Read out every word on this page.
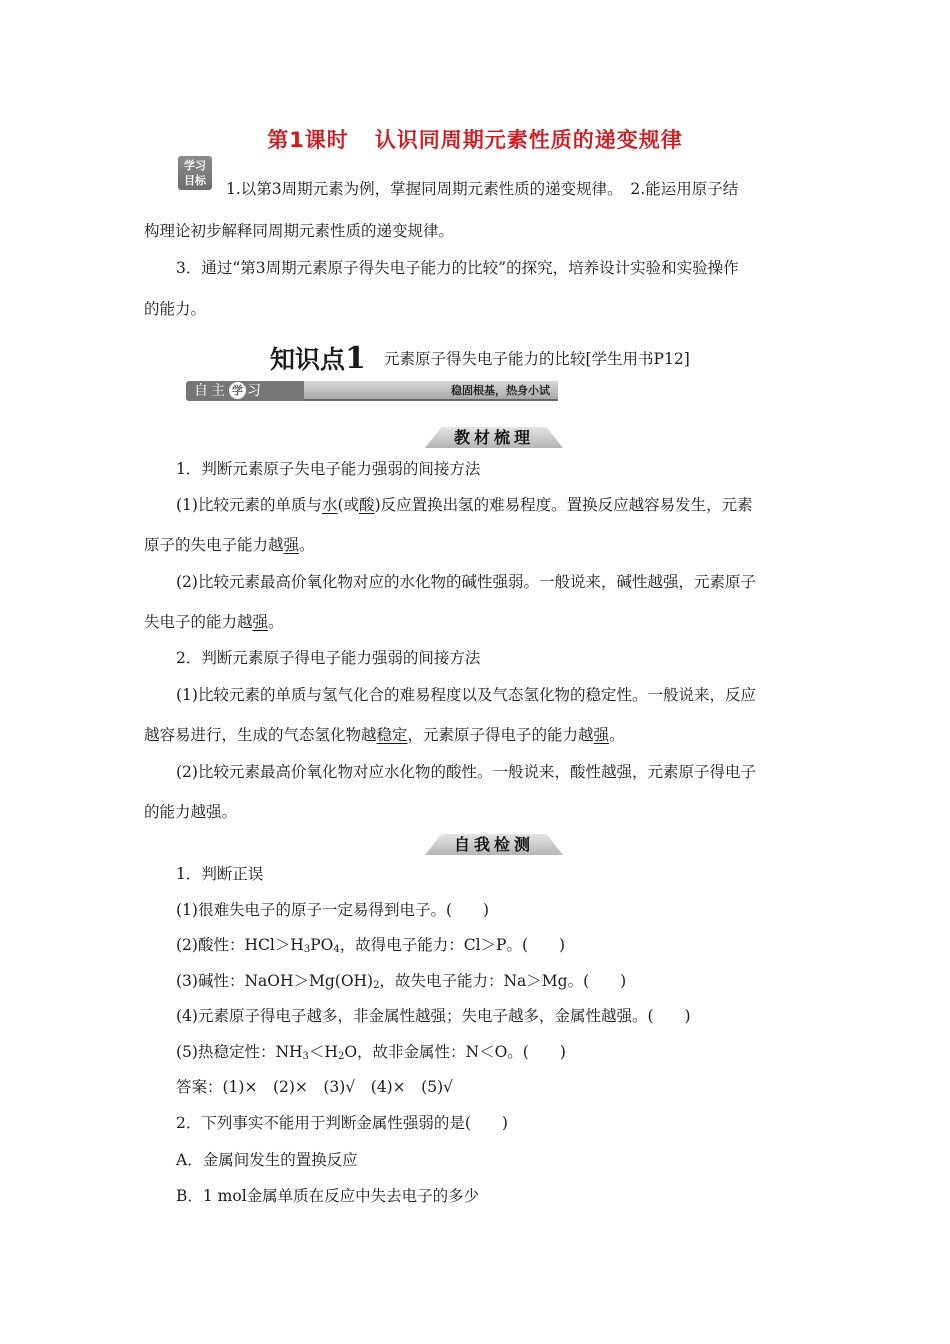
第1课时 认识同周期元素性质的递变规律
学习
目标	1.以第3周期元素为例，掌握同周期元素性质的递变规律。　2.能运用原子结
构理论初步解释同周期元素性质的递变规律。
3．通过“第3周期元素原子得失电子能力的比较”的探究，培养设计实验和实验操作
的能力。
知识点1 元素原子得失电子能力的比较[学生用书P12]
自主 学 习	稳固根基，热身小试
教材梳理
1．判断元素原子失电子能力强弱的间接方法
(1)比较元素的单质与水(或酸)反应置换出氢的难易程度。置换反应越容易发生，元素
原子的失电子能力越强。
(2)比较元素最高价氧化物对应的水化物的碱性强弱。一般说来，碱性越强，元素原子
失电子的能力越强。
2．判断元素原子得电子能力强弱的间接方法
(1)比较元素的单质与氢气化合的难易程度以及气态氢化物的稳定性。一般说来，反应
越容易进行，生成的气态氢化物越稳定，元素原子得电子的能力越强。
(2)比较元素最高价氧化物对应水化物的酸性。一般说来，酸性越强，元素原子得电子
的能力越强。
自我检测
1．判断正误
(1)很难失电子的原子一定易得到电子。(　　)
(2)酸性：$HCl>H_3PO_4$，故得电子能力：Cl＞P。(　　)
(3)碱性：$NaOH>Mg(OH)_2$，故失电子能力：Na＞Mg。(　　)
(4)元素原子得电子越多，非金属性越强；失电子越多，金属性越强。(　　)
(5)热稳定性：$NH_3<H_2O$，故非金属性：N＜O。(　　)
答案：(1)×　(2)×　(3)√　(4)×　(5)√
2．下列事实不能用于判断金属性强弱的是(　　)
A．金属间发生的置换反应
B．1 mol金属单质在反应中失去电子的多少
